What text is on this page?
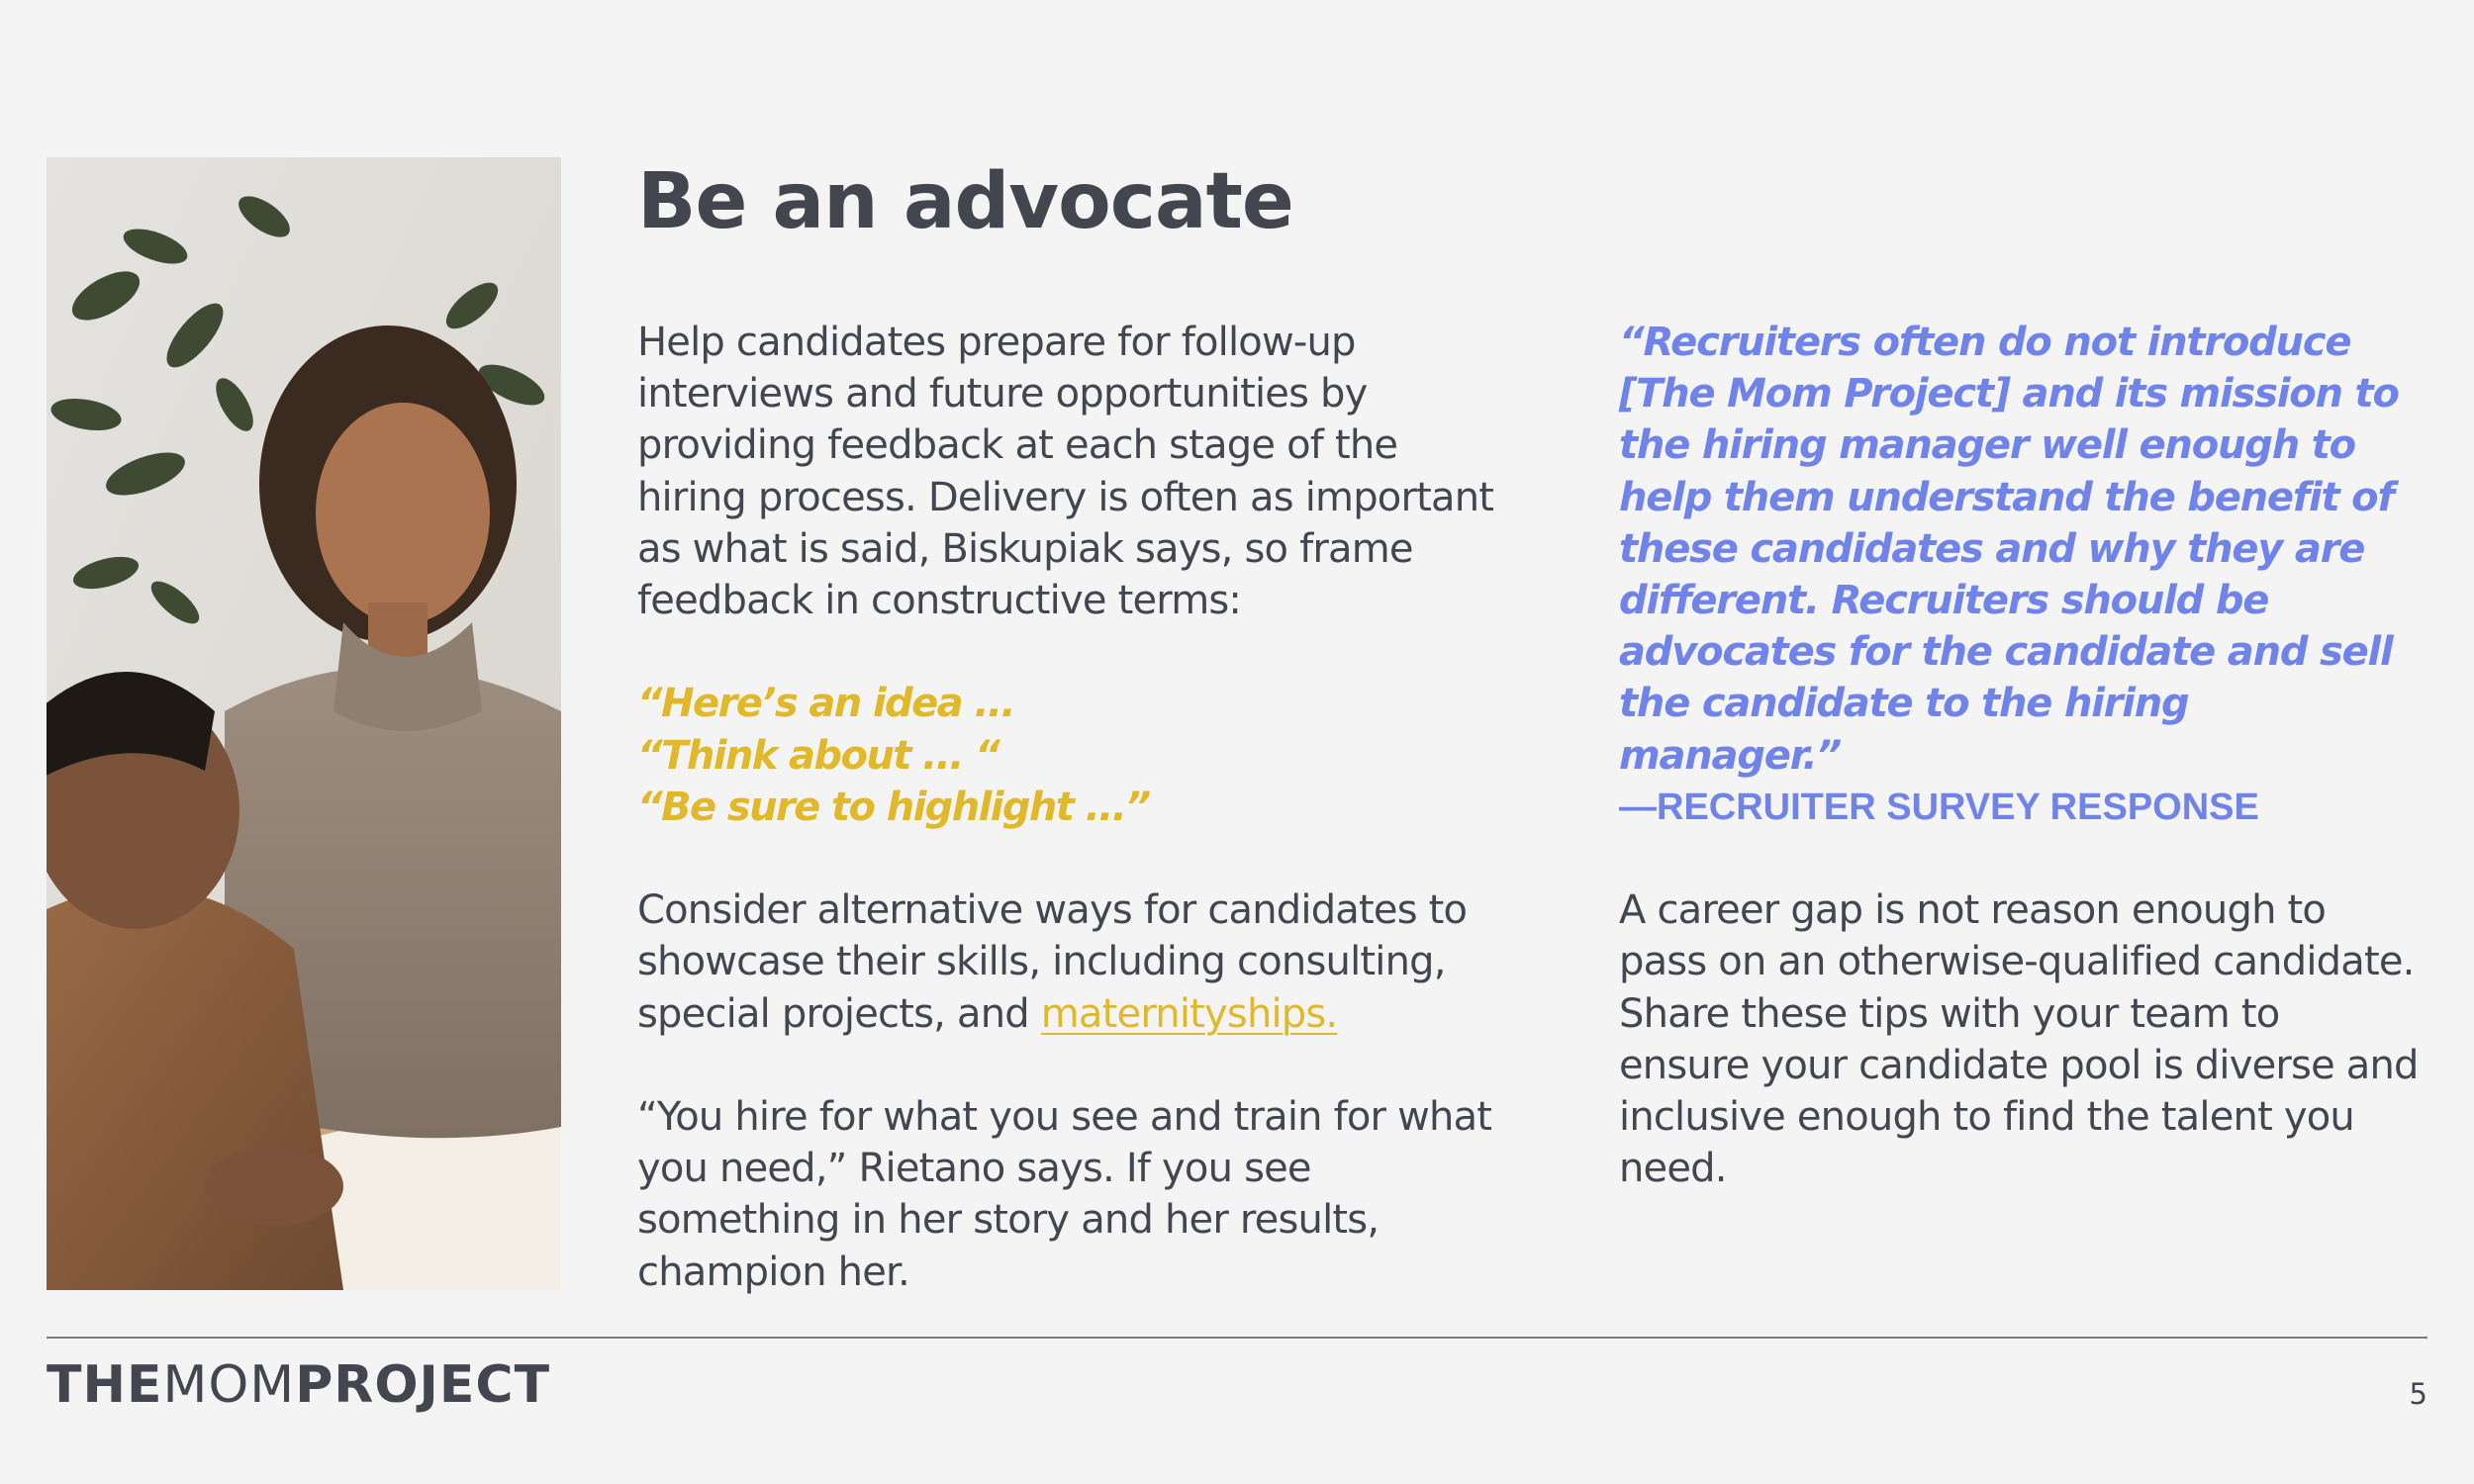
Be an advocate

Help candidates prepare for follow-up interviews and future opportunities by providing feedback at each stage of the hiring process. Delivery is often as important as what is said, Biskupiak says, so frame feedback in constructive terms:

“Here’s an idea ...
“Think about ... “
“Be sure to highlight ...”

Consider alternative ways for candidates to showcase their skills, including consulting, special projects, and maternityships.

“You hire for what you see and train for what you need,” Rietano says. If you see something in her story and her results, champion her.

“Recruiters often do not introduce [The Mom Project] and its mission to the hiring manager well enough to help them understand the benefit of these candidates and why they are different. Recruiters should be advocates for the candidate and sell the candidate to the hiring manager.”

—RECRUITER SURVEY RESPONSE

A career gap is not reason enough to pass on an otherwise-qualified candidate. Share these tips with your team to ensure your candidate pool is diverse and inclusive enough to find the talent you need.

THEMOMPROJECT	5
